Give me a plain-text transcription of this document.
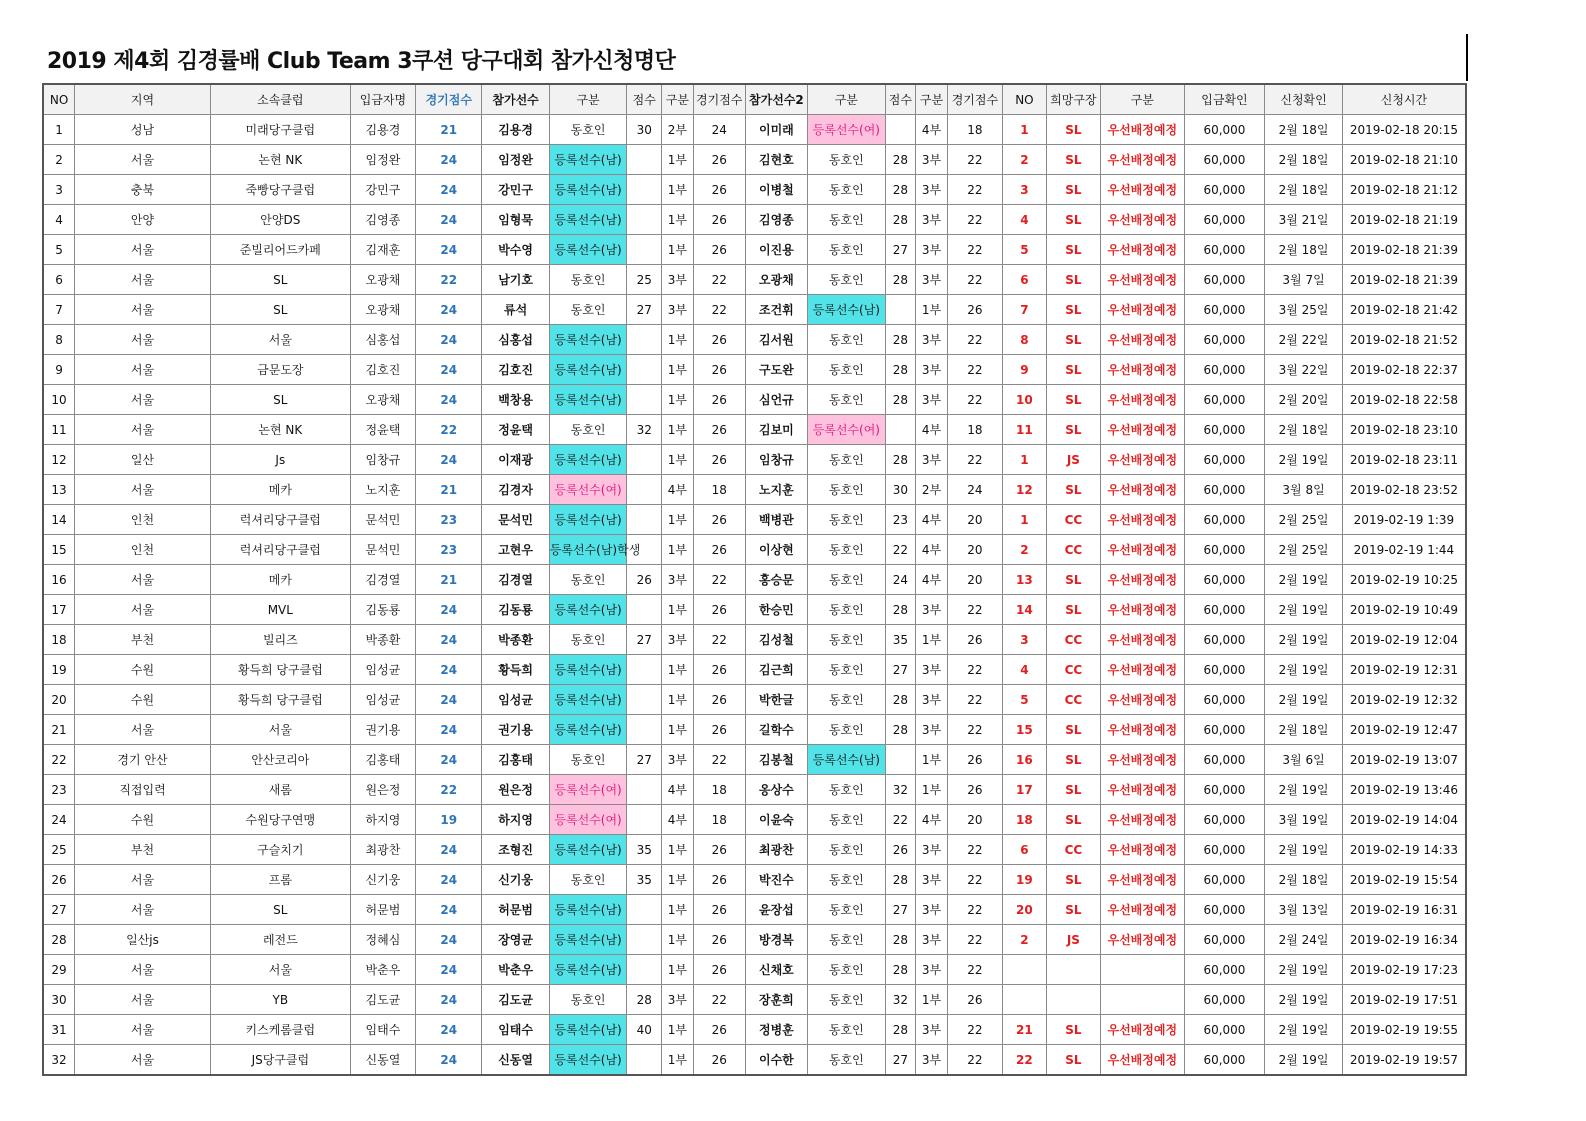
2019 제4회 김경률배 Club Team 3쿠션 당구대회 참가신청명단
NO	지역	소속클럽	입금자명	경기점수	참가선수	구분	점수	구분	경기점수	참가선수2	구분	점수	구분	경기점수	NO	희망구장	구분	입금확인	신청확인	신청시간
1	성남	미래당구클럽	김용경	21	김용경	동호인	30	2부	24	이미래	등록선수(여)		4부	18	1	SL	우선배정예정	60,000	2월 18일	2019-02-18 20:15
2	서울	논현 NK	임정완	24	임정완	등록선수(남)		1부	26	김현호	동호인	28	3부	22	2	SL	우선배정예정	60,000	2월 18일	2019-02-18 21:10
3	충북	죽빵당구클럽	강민구	24	강민구	등록선수(남)		1부	26	이병철	동호인	28	3부	22	3	SL	우선배정예정	60,000	2월 18일	2019-02-18 21:12
4	안양	안양DS	김영종	24	임형묵	등록선수(남)		1부	26	김영종	동호인	28	3부	22	4	SL	우선배정예정	60,000	3월 21일	2019-02-18 21:19
5	서울	준빌리어드카페	김재훈	24	박수영	등록선수(남)		1부	26	이진용	동호인	27	3부	22	5	SL	우선배정예정	60,000	2월 18일	2019-02-18 21:39
6	서울	SL	오광채	22	남기호	동호인	25	3부	22	오광채	동호인	28	3부	22	6	SL	우선배정예정	60,000	3월 7일	2019-02-18 21:39
7	서울	SL	오광채	24	류석	동호인	27	3부	22	조건휘	등록선수(남)		1부	26	7	SL	우선배정예정	60,000	3월 25일	2019-02-18 21:42
8	서울	서울	심홍섭	24	심홍섭	등록선수(남)		1부	26	김서원	동호인	28	3부	22	8	SL	우선배정예정	60,000	2월 22일	2019-02-18 21:52
9	서울	금문도장	김호진	24	김호진	등록선수(남)		1부	26	구도완	동호인	28	3부	22	9	SL	우선배정예정	60,000	3월 22일	2019-02-18 22:37
10	서울	SL	오광채	24	백창용	등록선수(남)		1부	26	심언규	동호인	28	3부	22	10	SL	우선배정예정	60,000	2월 20일	2019-02-18 22:58
11	서울	논현 NK	정윤택	22	정윤택	동호인	32	1부	26	김보미	등록선수(여)		4부	18	11	SL	우선배정예정	60,000	2월 18일	2019-02-18 23:10
12	일산	Js	임창규	24	이재광	등록선수(남)		1부	26	임창규	동호인	28	3부	22	1	JS	우선배정예정	60,000	2월 19일	2019-02-18 23:11
13	서울	메카	노지훈	21	김경자	등록선수(여)		4부	18	노지훈	동호인	30	2부	24	12	SL	우선배정예정	60,000	3월 8일	2019-02-18 23:52
14	인천	럭셔리당구클럽	문석민	23	문석민	등록선수(남)		1부	26	백병관	동호인	23	4부	20	1	CC	우선배정예정	60,000	2월 25일	2019-02-19 1:39
15	인천	럭셔리당구클럽	문석민	23	고현우	등록선수(남)학생		1부	26	이상현	동호인	22	4부	20	2	CC	우선배정예정	60,000	2월 25일	2019-02-19 1:44
16	서울	메카	김경열	21	김경열	동호인	26	3부	22	홍승문	동호인	24	4부	20	13	SL	우선배정예정	60,000	2월 19일	2019-02-19 10:25
17	서울	MVL	김동룡	24	김동룡	등록선수(남)		1부	26	한승민	동호인	28	3부	22	14	SL	우선배정예정	60,000	2월 19일	2019-02-19 10:49
18	부천	빌리즈	박종환	24	박종환	동호인	27	3부	22	김성철	동호인	35	1부	26	3	CC	우선배정예정	60,000	2월 19일	2019-02-19 12:04
19	수원	황득희 당구클럽	임성균	24	황득희	등록선수(남)		1부	26	김근희	동호인	27	3부	22	4	CC	우선배정예정	60,000	2월 19일	2019-02-19 12:31
20	수원	황득희 당구클럽	임성균	24	임성균	등록선수(남)		1부	26	박한글	동호인	28	3부	22	5	CC	우선배정예정	60,000	2월 19일	2019-02-19 12:32
21	서울	서울	권기용	24	권기용	등록선수(남)		1부	26	길학수	동호인	28	3부	22	15	SL	우선배정예정	60,000	2월 18일	2019-02-19 12:47
22	경기 안산	안산코리아	김홍태	24	김홍태	동호인	27	3부	22	김봉철	등록선수(남)		1부	26	16	SL	우선배정예정	60,000	3월 6일	2019-02-19 13:07
23	직접입력	새롬	원은정	22	원은정	등록선수(여)		4부	18	옹상수	동호인	32	1부	26	17	SL	우선배정예정	60,000	2월 19일	2019-02-19 13:46
24	수원	수원당구연맹	하지영	19	하지영	등록선수(여)		4부	18	이윤숙	동호인	22	4부	20	18	SL	우선배정예정	60,000	3월 19일	2019-02-19 14:04
25	부천	구슬치기	최광찬	24	조형진	등록선수(남)	35	1부	26	최광찬	동호인	26	3부	22	6	CC	우선배정예정	60,000	2월 19일	2019-02-19 14:33
26	서울	프롬	신기웅	24	신기웅	동호인	35	1부	26	박진수	동호인	28	3부	22	19	SL	우선배정예정	60,000	2월 18일	2019-02-19 15:54
27	서울	SL	허문범	24	허문범	등록선수(남)		1부	26	윤장섭	동호인	27	3부	22	20	SL	우선배정예정	60,000	3월 13일	2019-02-19 16:31
28	일산js	레전드	정혜심	24	장영균	등록선수(남)		1부	26	방경복	동호인	28	3부	22	2	JS	우선배정예정	60,000	2월 24일	2019-02-19 16:34
29	서울	서울	박춘우	24	박춘우	등록선수(남)		1부	26	신채호	동호인	28	3부	22				60,000	2월 19일	2019-02-19 17:23
30	서울	YB	김도균	24	김도균	동호인	28	3부	22	장훈희	동호인	32	1부	26				60,000	2월 19일	2019-02-19 17:51
31	서울	키스케롬클럽	임태수	24	임태수	등록선수(남)	40	1부	26	정병훈	동호인	28	3부	22	21	SL	우선배정예정	60,000	2월 19일	2019-02-19 19:55
32	서울	JS당구클럽	신동열	24	신동열	등록선수(남)		1부	26	이수한	동호인	27	3부	22	22	SL	우선배정예정	60,000	2월 19일	2019-02-19 19:57
